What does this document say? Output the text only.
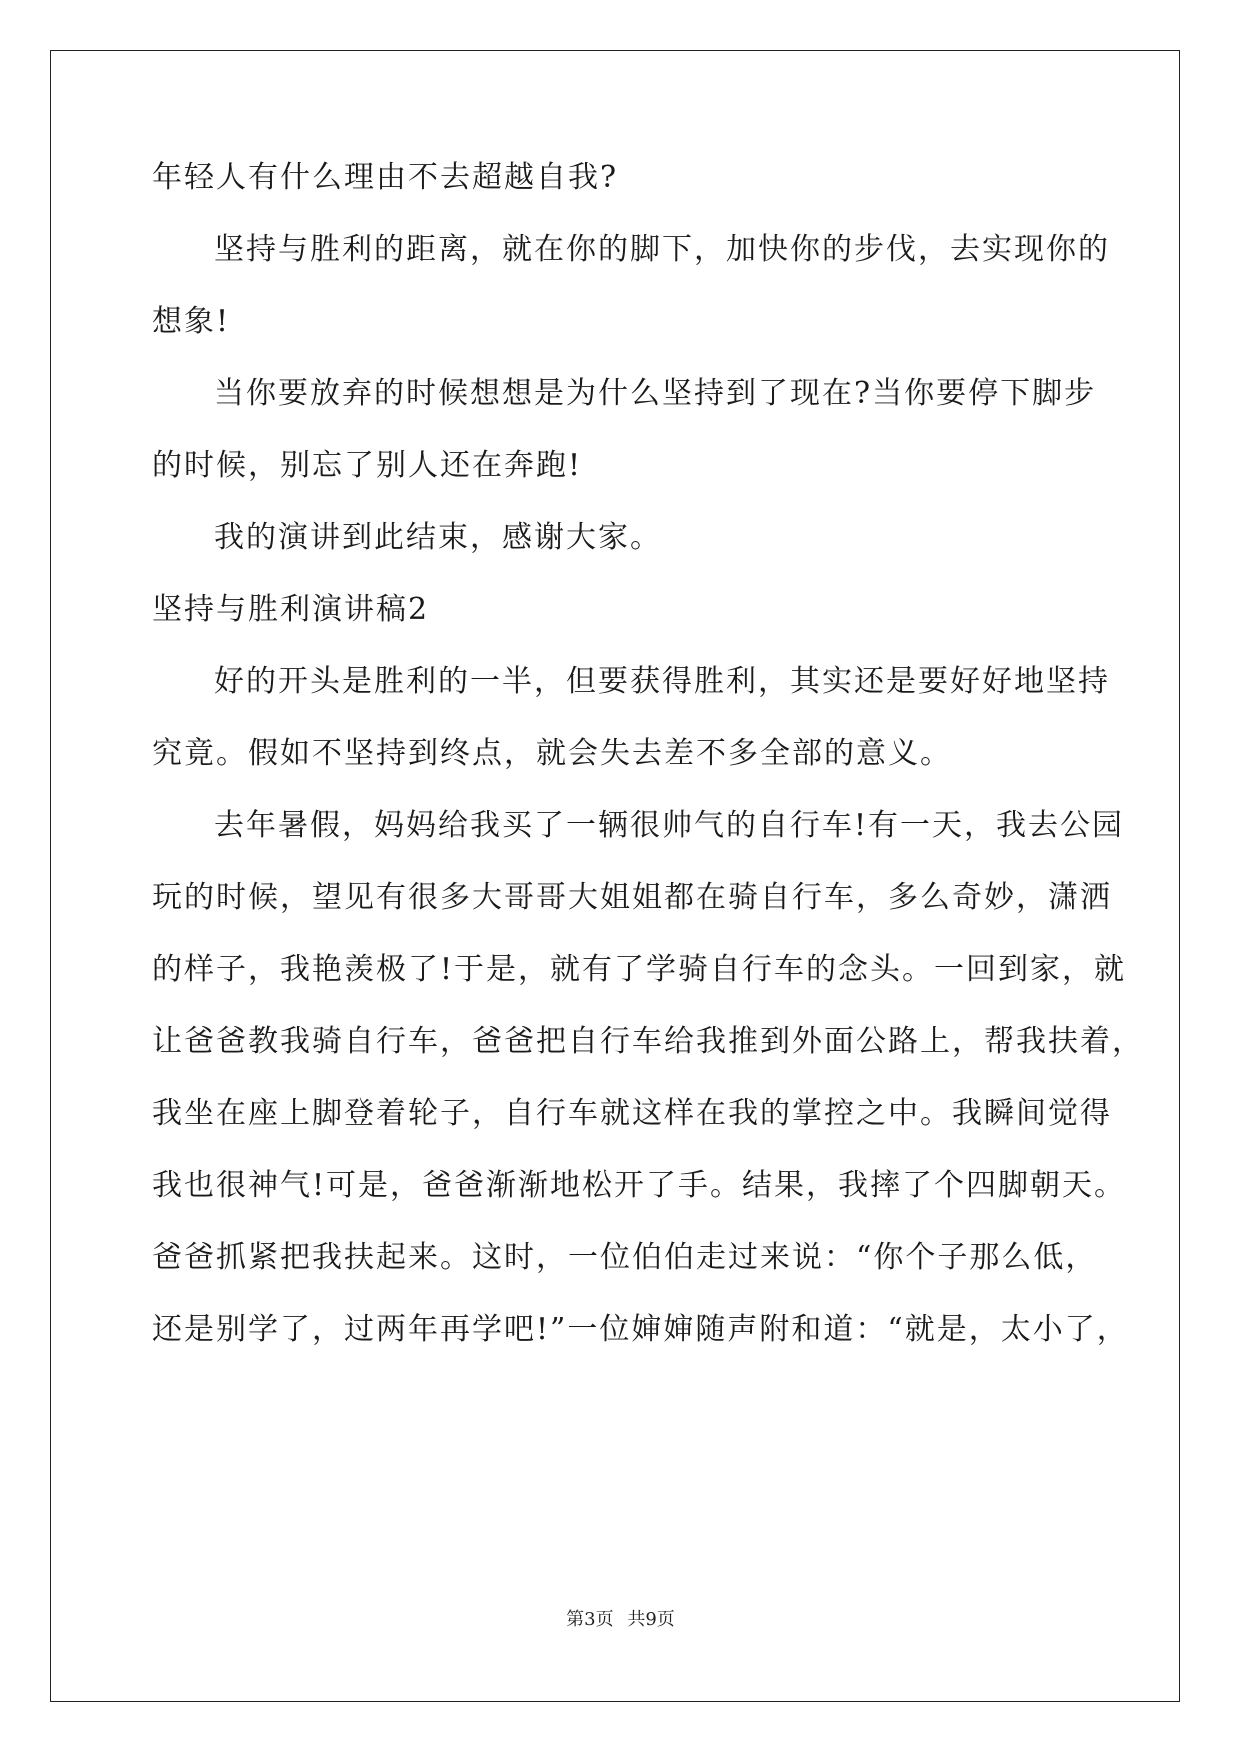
年轻人有什么理由不去超越自我?
坚持与胜利的距离，就在你的脚下，加快你的步伐，去实现你的
想象!
当你要放弃的时候想想是为什么坚持到了现在?当你要停下脚步
的时候，别忘了别人还在奔跑!
我的演讲到此结束，感谢大家。
坚持与胜利演讲稿2
好的开头是胜利的一半，但要获得胜利，其实还是要好好地坚持
究竟。假如不坚持到终点，就会失去差不多全部的意义。
去年暑假，妈妈给我买了一辆很帅气的自行车!有一天，我去公园
玩的时候，望见有很多大哥哥大姐姐都在骑自行车，多么奇妙，潇洒
的样子，我艳羡极了!于是，就有了学骑自行车的念头。一回到家，就
让爸爸教我骑自行车，爸爸把自行车给我推到外面公路上，帮我扶着，
我坐在座上脚登着轮子，自行车就这样在我的掌控之中。我瞬间觉得
我也很神气!可是，爸爸渐渐地松开了手。结果，我摔了个四脚朝天。
爸爸抓紧把我扶起来。这时，一位伯伯走过来说：“你个子那么低，
还是别学了，过两年再学吧!”一位婶婶随声附和道：“就是，太小了，
第3页 共9页
